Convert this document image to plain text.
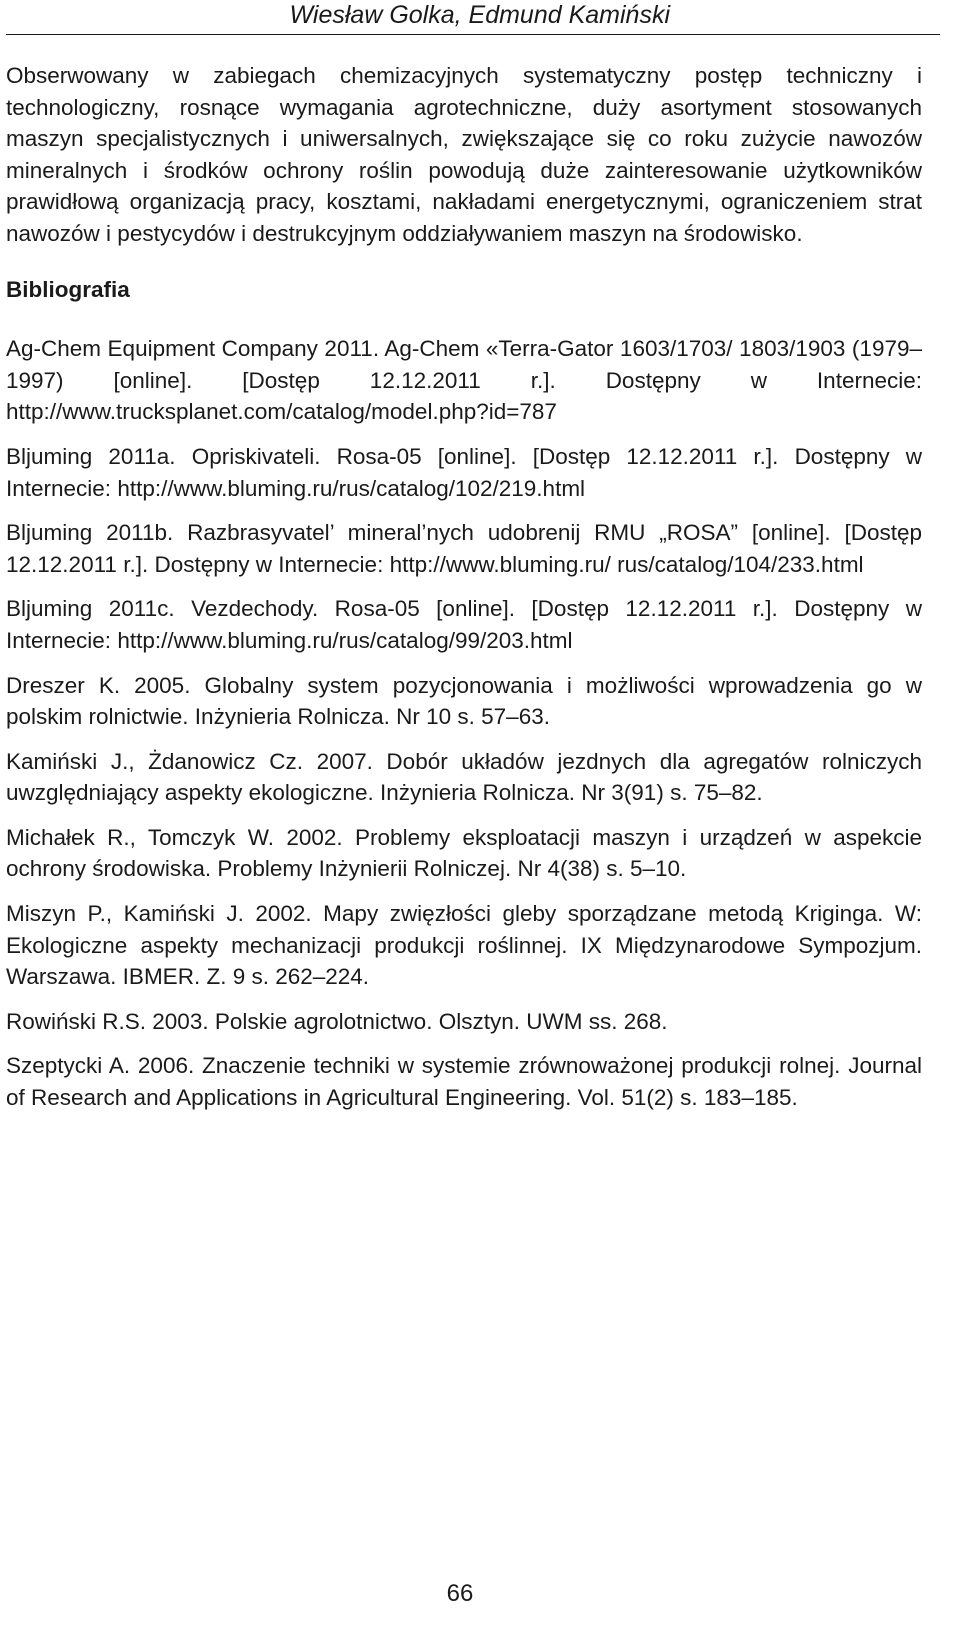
Wiesław Golka, Edmund Kamiński

Obserwowany w zabiegach chemizacyjnych systematyczny postęp techniczny i technologiczny, rosnące wymagania agrotechniczne, duży asortyment stosowanych maszyn specjalistycznych i uniwersalnych, zwiększające się co roku zużycie nawozów mineralnych i środków ochrony roślin powodują duże zainteresowanie użytkowników prawidłową organizacją pracy, kosztami, nakładami energetycznymi, ograniczeniem strat nawozów i pestycydów i destrukcyjnym oddziaływaniem maszyn na środowisko.

Bibliografia
Ag-Chem Equipment Company 2011. Ag-Chem «Terra-Gator 1603/1703/ 1803/1903 (1979–1997) [online]. [Dostęp 12.12.2011 r.]. Dostępny w Internecie: http://www.trucksplanet.com/catalog/model.php?id=787
Bljuming 2011a. Opriskivateli. Rosa-05 [online]. [Dostęp 12.12.2011 r.]. Dostępny w Internecie: http://www.bluming.ru/rus/catalog/102/219.html
Bljuming 2011b. Razbrasyvatel’ mineral’nych udobrenij RMU „ROSA” [online]. [Dostęp 12.12.2011 r.]. Dostępny w Internecie: http://www.bluming.ru/ rus/catalog/104/233.html
Bljuming 2011c. Vezdechody. Rosa-05 [online]. [Dostęp 12.12.2011 r.]. Dostępny w Internecie: http://www.bluming.ru/rus/catalog/99/203.html
Dreszer K. 2005. Globalny system pozycjonowania i możliwości wprowadzenia go w polskim rolnictwie. Inżynieria Rolnicza. Nr 10 s. 57–63.
Kamiński J., Żdanowicz Cz. 2007. Dobór układów jezdnych dla agregatów rolniczych uwzględniający aspekty ekologiczne. Inżynieria Rolnicza. Nr 3(91) s. 75–82.
Michałek R., Tomczyk W. 2002. Problemy eksploatacji maszyn i urządzeń w aspekcie ochrony środowiska. Problemy Inżynierii Rolniczej. Nr 4(38) s. 5–10.
Miszyn P., Kamiński J. 2002. Mapy zwięzłości gleby sporządzane metodą Kriginga. W: Ekologiczne aspekty mechanizacji produkcji roślinnej. IX Międzynarodowe Sympozjum. Warszawa. IBMER. Z. 9 s. 262–224.
Rowiński R.S. 2003. Polskie agrolotnictwo. Olsztyn. UWM ss. 268.
Szeptycki A. 2006. Znaczenie techniki w systemie zrównoważonej produkcji rolnej. Journal of Research and Applications in Agricultural Engineering. Vol. 51(2) s. 183–185.
66
